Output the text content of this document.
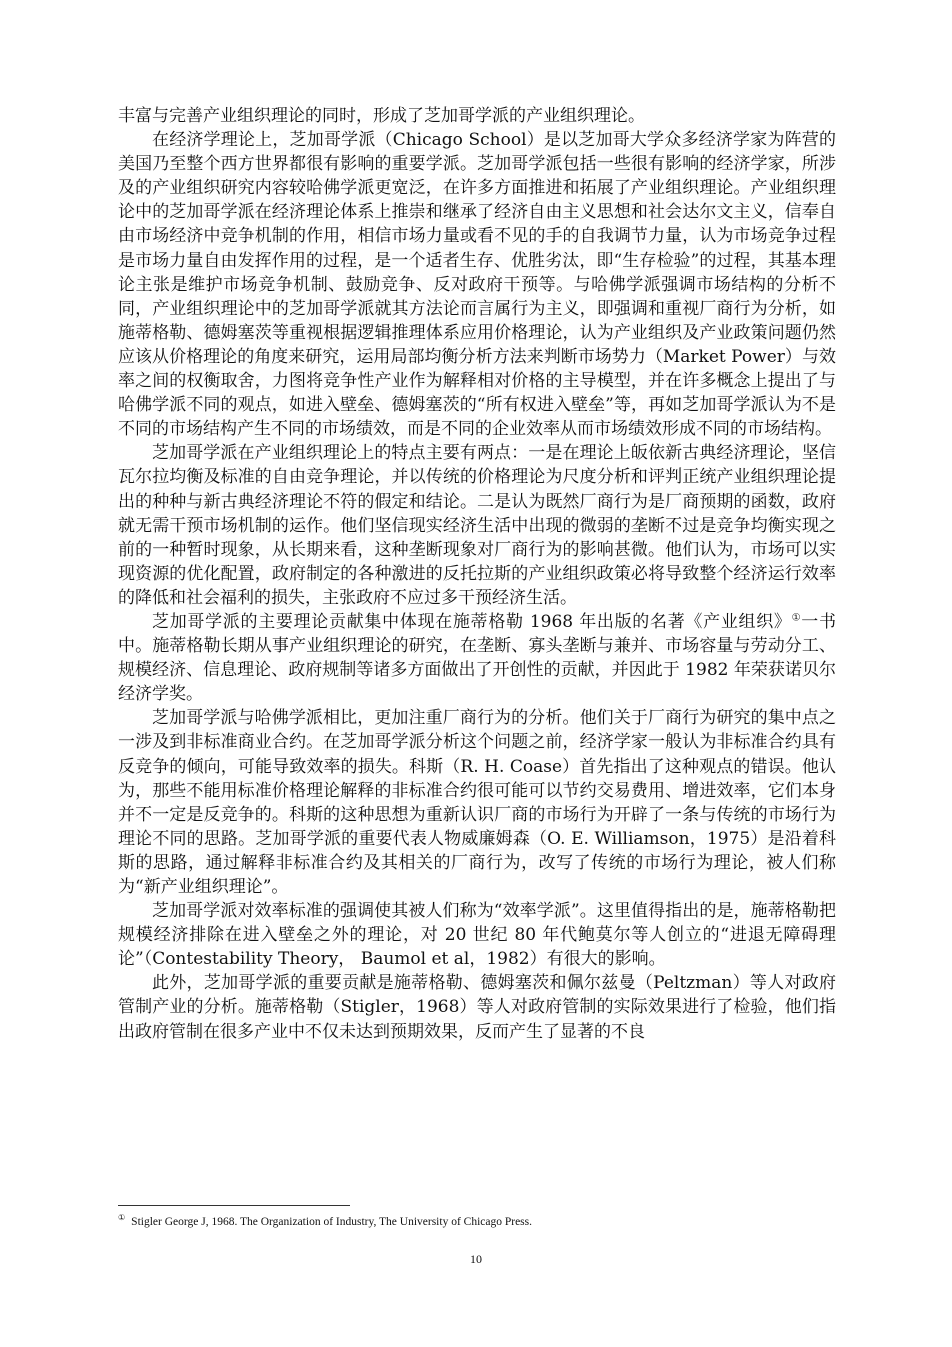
丰富与完善产业组织理论的同时，形成了芝加哥学派的产业组织理论。

在经济学理论上，芝加哥学派（Chicago School）是以芝加哥大学众多经济学家为阵营的美国乃至整个西方世界都很有影响的重要学派。芝加哥学派包括一些很有影响的经济学家，所涉及的产业组织研究内容较哈佛学派更宽泛，在许多方面推进和拓展了产业组织理论。产业组织理论中的芝加哥学派在经济理论体系上推崇和继承了经济自由主义思想和社会达尔文主义，信奉自由市场经济中竞争机制的作用，相信市场力量或看不见的手的自我调节力量，认为市场竞争过程是市场力量自由发挥作用的过程，是一个适者生存、优胜劣汰，即“生存检验”的过程，其基本理论主张是维护市场竞争机制、鼓励竞争、反对政府干预等。与哈佛学派强调市场结构的分析不同，产业组织理论中的芝加哥学派就其方法论而言属行为主义，即强调和重视厂商行为分析，如施蒂格勒、德姆塞茨等重视根据逻辑推理体系应用价格理论，认为产业组织及产业政策问题仍然应该从价格理论的角度来研究，运用局部均衡分析方法来判断市场势力（Market Power）与效率之间的权衡取舍，力图将竞争性产业作为解释相对价格的主导模型，并在许多概念上提出了与哈佛学派不同的观点，如进入壁垒、德姆塞茨的“所有权进入壁垒”等，再如芝加哥学派认为不是不同的市场结构产生不同的市场绩效，而是不同的企业效率从而市场绩效形成不同的市场结构。

芝加哥学派在产业组织理论上的特点主要有两点：一是在理论上皈依新古典经济理论，坚信瓦尔拉均衡及标准的自由竞争理论，并以传统的价格理论为尺度分析和评判正统产业组织理论提出的种种与新古典经济理论不符的假定和结论。二是认为既然厂商行为是厂商预期的函数，政府就无需干预市场机制的运作。他们坚信现实经济生活中出现的微弱的垄断不过是竞争均衡实现之前的一种暂时现象，从长期来看，这种垄断现象对厂商行为的影响甚微。他们认为，市场可以实现资源的优化配置，政府制定的各种激进的反托拉斯的产业组织政策必将导致整个经济运行效率的降低和社会福利的损失，主张政府不应过多干预经济生活。

芝加哥学派的主要理论贡献集中体现在施蒂格勒 1968 年出版的名著《产业组织》①一书中。施蒂格勒长期从事产业组织理论的研究，在垄断、寡头垄断与兼并、市场容量与劳动分工、规模经济、信息理论、政府规制等诸多方面做出了开创性的贡献，并因此于 1982 年荣获诺贝尔经济学奖。

芝加哥学派与哈佛学派相比，更加注重厂商行为的分析。他们关于厂商行为研究的集中点之一涉及到非标准商业合约。在芝加哥学派分析这个问题之前，经济学家一般认为非标准合约具有反竞争的倾向，可能导致效率的损失。科斯（R. H. Coase）首先指出了这种观点的错误。他认为，那些不能用标准价格理论解释的非标准合约很可能可以节约交易费用、增进效率，它们本身并不一定是反竞争的。科斯的这种思想为重新认识厂商的市场行为开辟了一条与传统的市场行为理论不同的思路。芝加哥学派的重要代表人物威廉姆森（O. E. Williamson，1975）是沿着科斯的思路，通过解释非标准合约及其相关的厂商行为，改写了传统的市场行为理论，被人们称为“新产业组织理论”。

芝加哥学派对效率标准的强调使其被人们称为“效率学派”。这里值得指出的是，施蒂格勒把规模经济排除在进入壁垒之外的理论，对 20 世纪 80 年代鲍莫尔等人创立的“进退无障碍理论”（Contestability Theory， Baumol et al，1982）有很大的影响。

此外，芝加哥学派的重要贡献是施蒂格勒、德姆塞茨和佩尔兹曼（Peltzman）等人对政府管制产业的分析。施蒂格勒（Stigler，1968）等人对政府管制的实际效果进行了检验，他们指出政府管制在很多产业中不仅未达到预期效果，反而产生了显著的不良

① Stigler George J, 1968. The Organization of Industry, The University of Chicago Press.
10
